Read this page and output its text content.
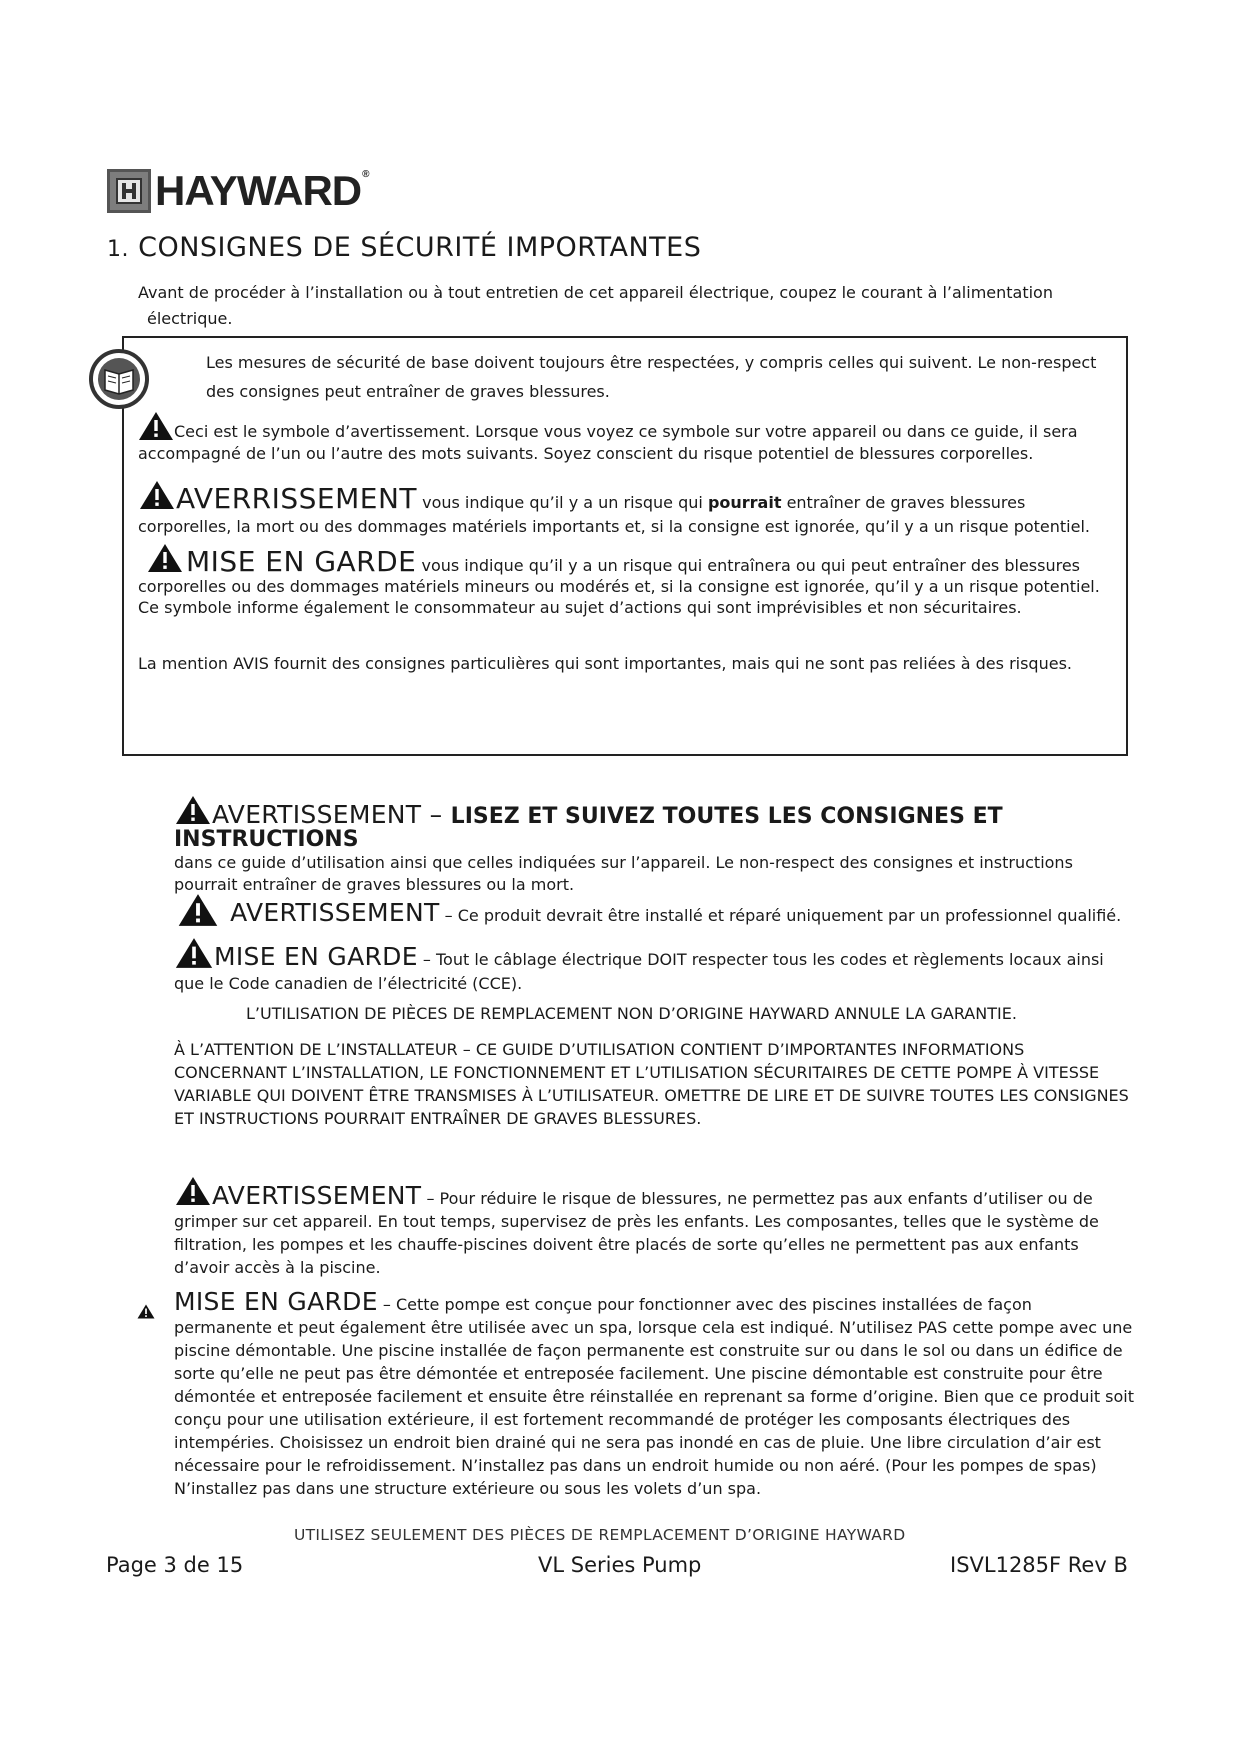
HAYWARD®
1. CONSIGNES DE SÉCURITÉ IMPORTANTES
Avant de procéder à l’installation ou à tout entretien de cet appareil électrique, coupez le courant à l’alimentation
électrique.
Les mesures de sécurité de base doivent toujours être respectées, y compris celles qui suivent. Le non-respect des consignes peut entraîner de graves blessures.
Ceci est le symbole d’avertissement. Lorsque vous voyez ce symbole sur votre appareil ou dans ce guide, il sera accompagné de l’un ou l’autre des mots suivants. Soyez conscient du risque potentiel de blessures corporelles.
AVERRISSEMENT vous indique qu’il y a un risque qui pourrait entraîner de graves blessures corporelles, la mort ou des dommages matériels importants et, si la consigne est ignorée, qu’il y a un risque potentiel.
MISE EN GARDE vous indique qu’il y a un risque qui entraînera ou qui peut entraîner des blessures corporelles ou des dommages matériels mineurs ou modérés et, si la consigne est ignorée, qu’il y a un risque potentiel. Ce symbole informe également le consommateur au sujet d’actions qui sont imprévisibles et non sécuritaires.
La mention AVIS fournit des consignes particulières qui sont importantes, mais qui ne sont pas reliées à des risques.
AVERTISSEMENT – LISEZ ET SUIVEZ TOUTES LES CONSIGNES ET INSTRUCTIONS
dans ce guide d’utilisation ainsi que celles indiquées sur l’appareil. Le non-respect des consignes et instructions pourrait entraîner de graves blessures ou la mort.
AVERTISSEMENT – Ce produit devrait être installé et réparé uniquement par un professionnel qualifié.
MISE EN GARDE – Tout le câblage électrique DOIT respecter tous les codes et règlements locaux ainsi que le Code canadien de l’électricité (CCE).
L’UTILISATION DE PIÈCES DE REMPLACEMENT NON D’ORIGINE HAYWARD ANNULE LA GARANTIE.
À L’ATTENTION DE L’INSTALLATEUR – CE GUIDE D’UTILISATION CONTIENT D’IMPORTANTES INFORMATIONS CONCERNANT L’INSTALLATION, LE FONCTIONNEMENT ET L’UTILISATION SÉCURITAIRES DE CETTE POMPE À VITESSE VARIABLE QUI DOIVENT ÊTRE TRANSMISES À L’UTILISATEUR. OMETTRE DE LIRE ET DE SUIVRE TOUTES LES CONSIGNES ET INSTRUCTIONS POURRAIT ENTRAÎNER DE GRAVES BLESSURES.
AVERTISSEMENT – Pour réduire le risque de blessures, ne permettez pas aux enfants d’utiliser ou de grimper sur cet appareil. En tout temps, supervisez de près les enfants. Les composantes, telles que le système de filtration, les pompes et les chauffe-piscines doivent être placés de sorte qu’elles ne permettent pas aux enfants d’avoir accès à la piscine.
MISE EN GARDE – Cette pompe est conçue pour fonctionner avec des piscines installées de façon permanente et peut également être utilisée avec un spa, lorsque cela est indiqué. N’utilisez PAS cette pompe avec une piscine démontable. Une piscine installée de façon permanente est construite sur ou dans le sol ou dans un édifice de sorte qu’elle ne peut pas être démontée et entreposée facilement. Une piscine démontable est construite pour être démontée et entreposée facilement et ensuite être réinstallée en reprenant sa forme d’origine. Bien que ce produit soit conçu pour une utilisation extérieure, il est fortement recommandé de protéger les composants électriques des intempéries. Choisissez un endroit bien drainé qui ne sera pas inondé en cas de pluie. Une libre circulation d’air est nécessaire pour le refroidissement. N’installez pas dans un endroit humide ou non aéré. (Pour les pompes de spas) N’installez pas dans une structure extérieure ou sous les volets d’un spa.
UTILISEZ SEULEMENT DES PIÈCES DE REMPLACEMENT D’ORIGINE HAYWARD
Page 3 de 15	VL Series Pump	ISVL1285F Rev B
